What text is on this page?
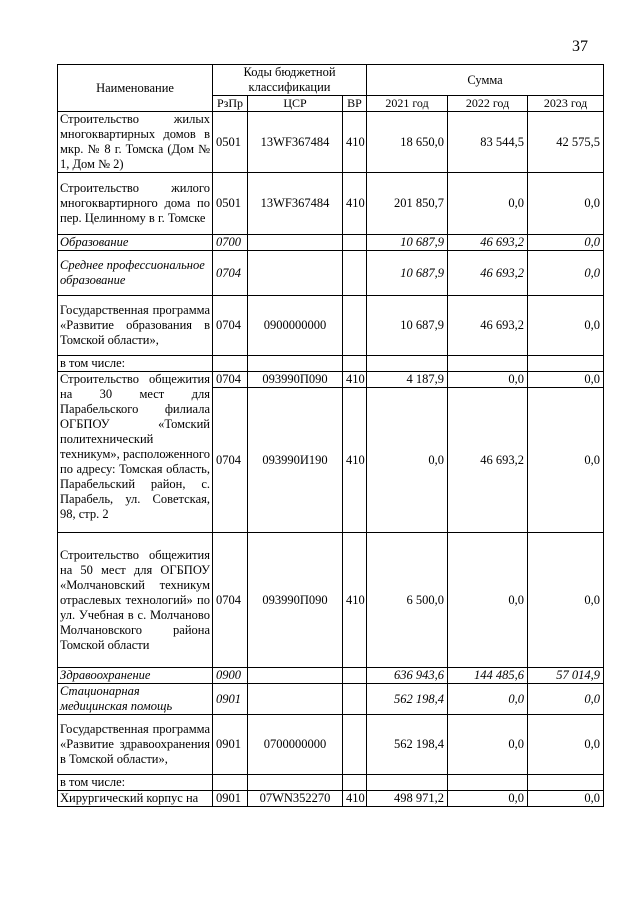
37
Наименование	Коды бюджетной классификации			Сумма		
	РзПр	ЦСР	ВР	2021 год	2022 год	2023 год
Строительство жилых многоквартирных домов в мкр. № 8 г. Томска (Дом № 1, Дом № 2)	0501	13WF367484	410	18 650,0	83 544,5	42 575,5
Строительство жилого многоквартирного дома по пер. Целинному в г. Томске	0501	13WF367484	410	201 850,7	0,0	0,0
Образование	0700			10 687,9	46 693,2	0,0
Среднее профессиональное образование	0704			10 687,9	46 693,2	0,0
Государственная программа «Развитие образования в Томской области»,	0704	0900000000		10 687,9	46 693,2	0,0
в том числе:						
Строительство общежития на 30 мест для Парабельского филиала ОГБПОУ «Томский политехнический техникум», расположенного по адресу: Томская область, Парабельский район, с. Парабель, ул. Советская, 98, стр. 2	0704	093990П090	410	4 187,9	0,0	0,0
	0704	093990И190	410	0,0	46 693,2	0,0
Строительство общежития на 50 мест для ОГБПОУ «Молчановский техникум отраслевых технологий» по ул. Учебная в с. Молчаново Молчановского района Томской области	0704	093990П090	410	6 500,0	0,0	0,0
Здравоохранение	0900			636 943,6	144 485,6	57 014,9
Стационарная медицинская помощь	0901			562 198,4	0,0	0,0
Государственная программа «Развитие здравоохранения в Томской области»,	0901	0700000000		562 198,4	0,0	0,0
в том числе:						
Хирургический корпус на	0901	07WN352270	410	498 971,2	0,0	0,0
